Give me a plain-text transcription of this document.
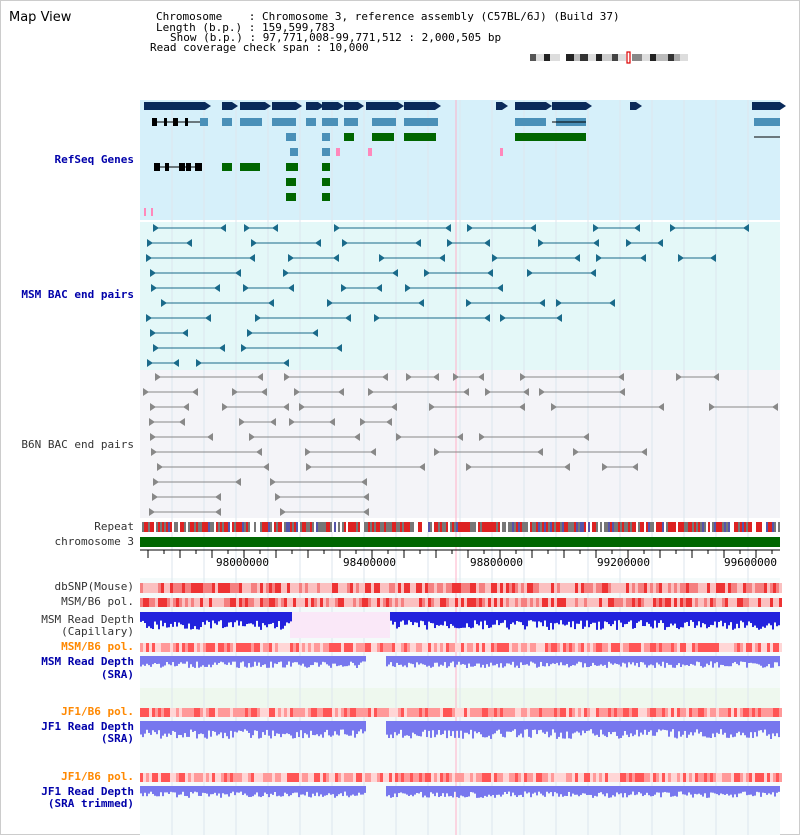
Map View	Chromosome    : Chromosome 3, reference assembly (C57BL/6J) (Build 37)
Length (b.p.) : 159,599,783
Show (b.p.) : 97,771,008-99,771,512 : 2,000,505 bp
Read coverage check span : 10,000
RefSeq Genes
MSM BAC end pairs
B6N BAC end pairs
Repeat
chromosome 3
dbSNP(Mouse)
MSM/B6 pol.
MSM Read Depth
(Capillary)
MSM/B6 pol.
MSM Read Depth
(SRA)
JF1/B6 pol.
JF1 Read Depth
(SRA)
JF1/B6 pol.
JF1 Read Depth
(SRA trimmed)
98000000	98400000	98800000	99200000	99600000
